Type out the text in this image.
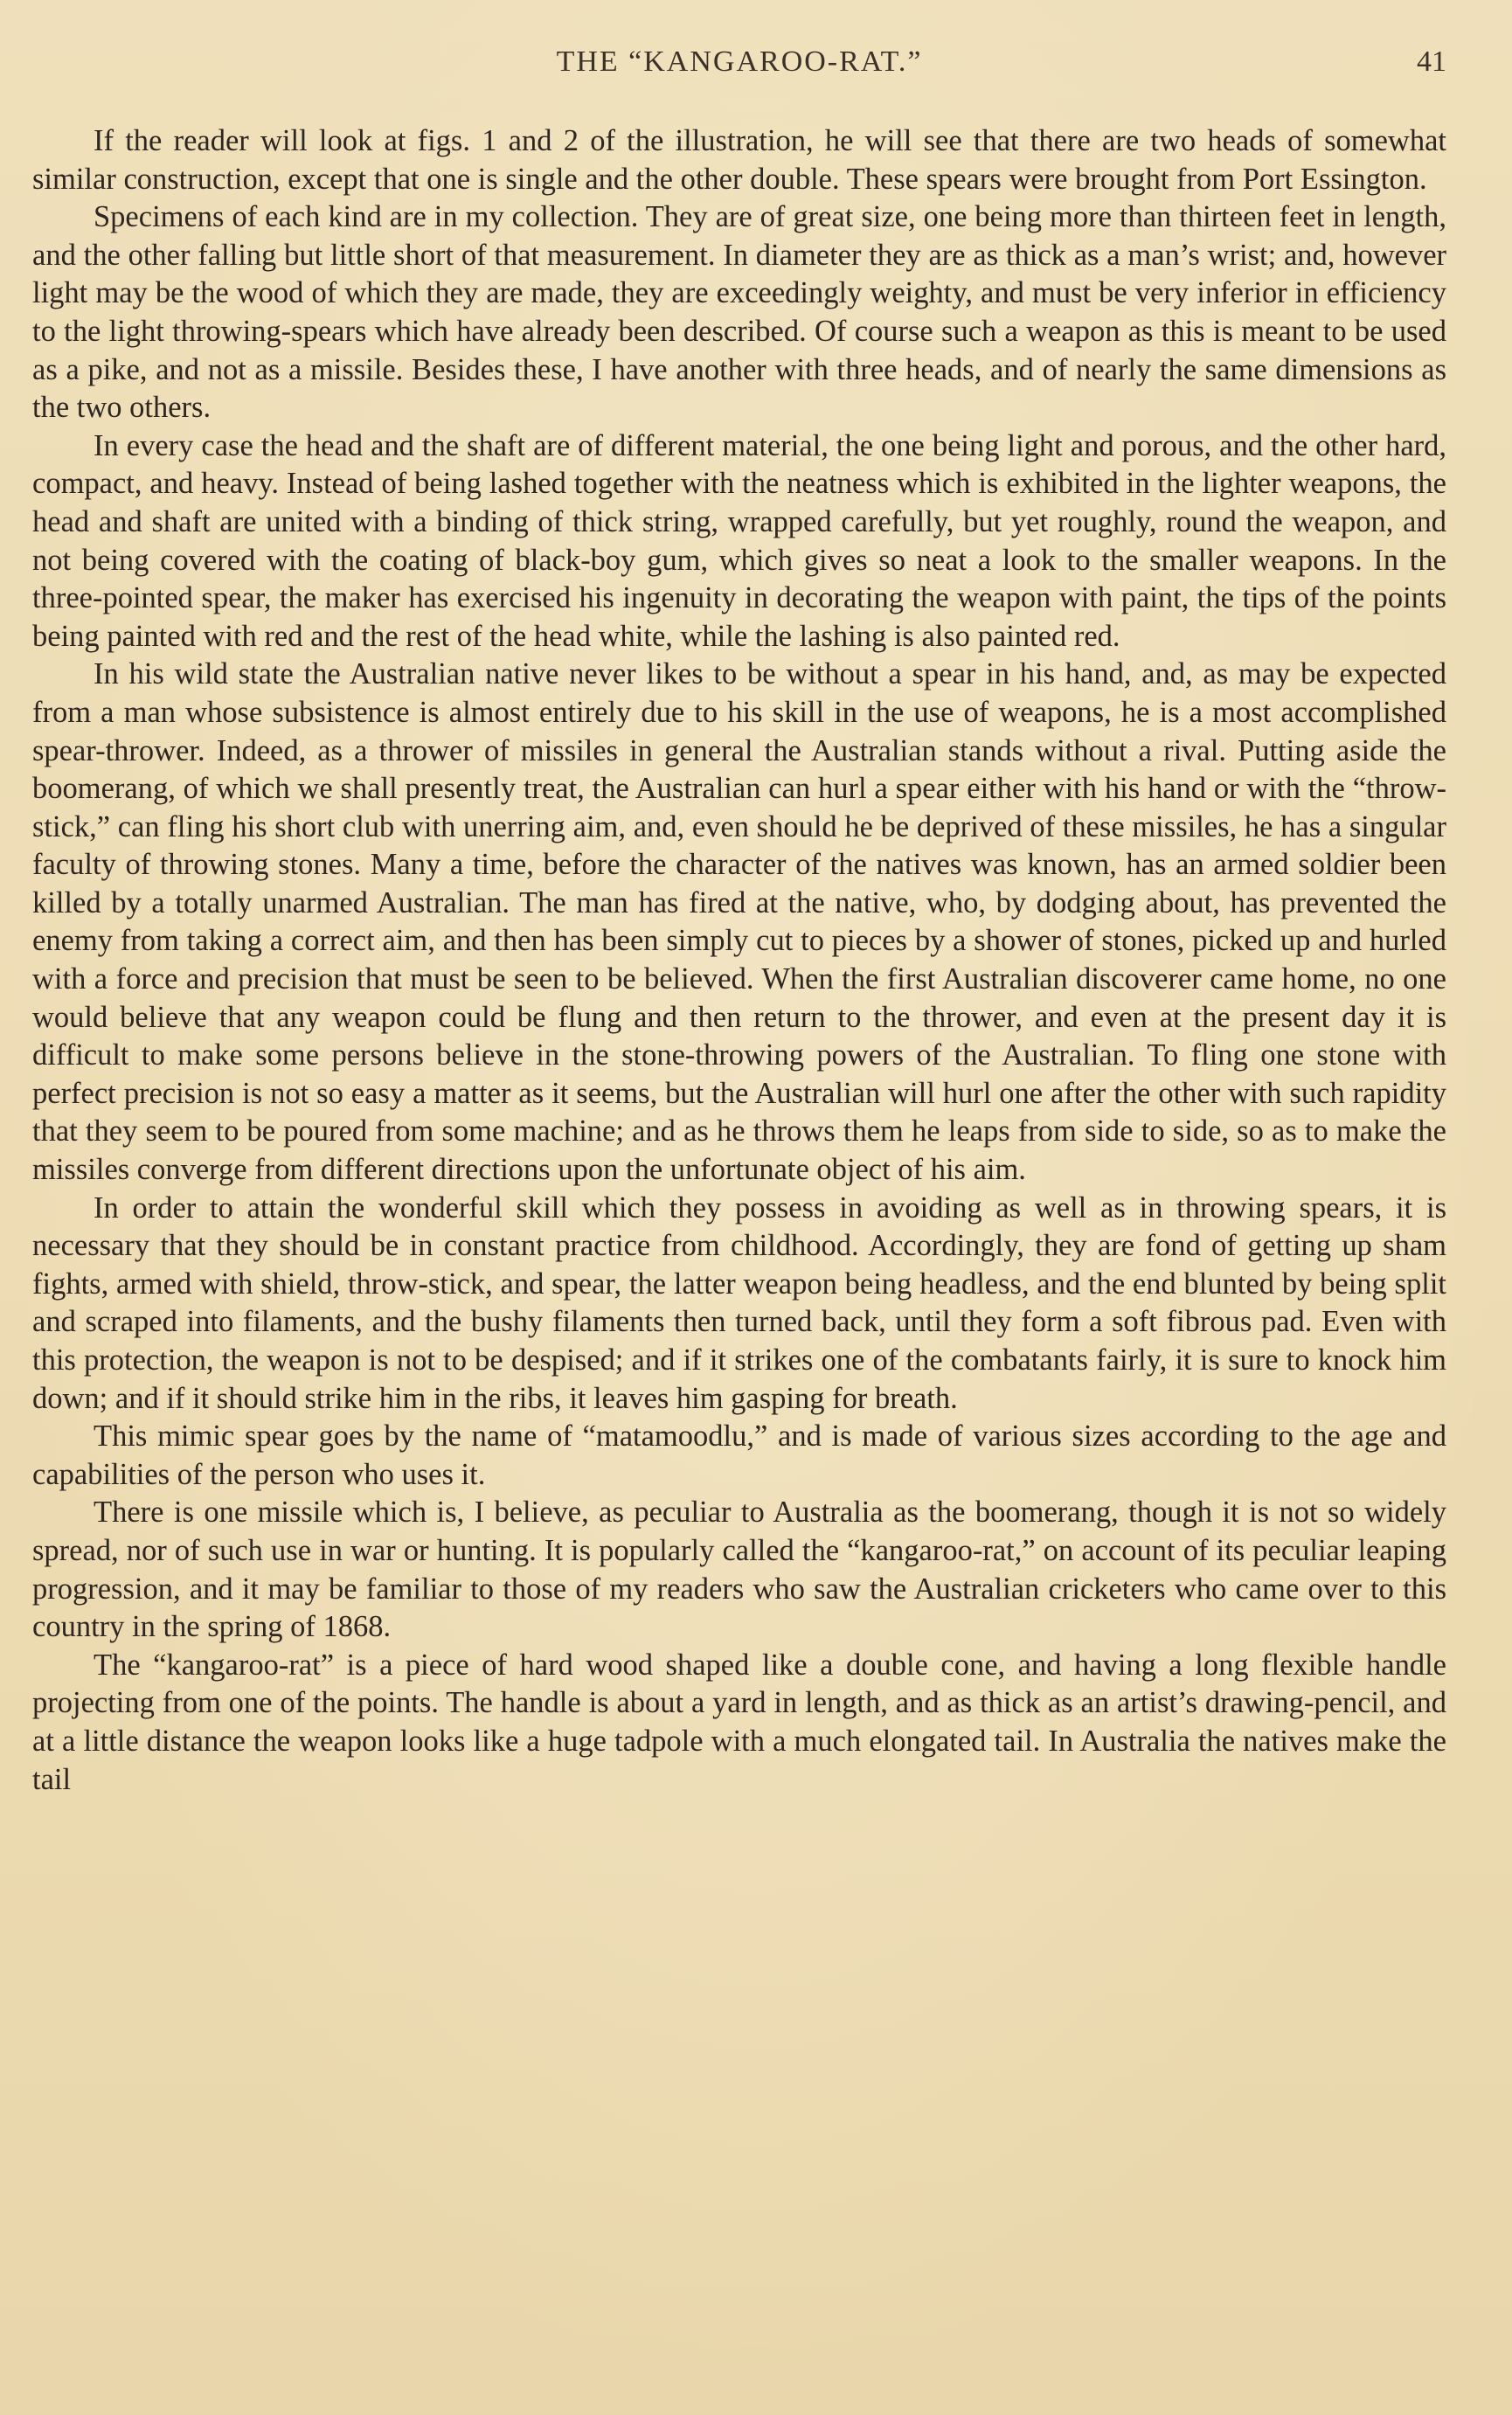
THE “KANGAROO-RAT.”	41

If the reader will look at figs. 1 and 2 of the illustration, he will see that there are two heads of somewhat similar construction, except that one is single and the other double. These spears were brought from Port Essington.

Specimens of each kind are in my collection. They are of great size, one being more than thirteen feet in length, and the other falling but little short of that measurement. In diameter they are as thick as a man’s wrist; and, however light may be the wood of which they are made, they are exceedingly weighty, and must be very inferior in efficiency to the light throwing-spears which have already been described. Of course such a weapon as this is meant to be used as a pike, and not as a missile. Besides these, I have another with three heads, and of nearly the same dimensions as the two others.

In every case the head and the shaft are of different material, the one being light and porous, and the other hard, compact, and heavy. Instead of being lashed together with the neatness which is exhibited in the lighter weapons, the head and shaft are united with a binding of thick string, wrapped carefully, but yet roughly, round the weapon, and not being covered with the coating of black-boy gum, which gives so neat a look to the smaller weapons. In the three-pointed spear, the maker has exercised his ingenuity in decorating the weapon with paint, the tips of the points being painted with red and the rest of the head white, while the lashing is also painted red.

In his wild state the Australian native never likes to be without a spear in his hand, and, as may be expected from a man whose subsistence is almost entirely due to his skill in the use of weapons, he is a most accomplished spear-thrower. Indeed, as a thrower of missiles in general the Australian stands without a rival. Putting aside the boomerang, of which we shall presently treat, the Australian can hurl a spear either with his hand or with the “throw-stick,” can fling his short club with unerring aim, and, even should he be deprived of these missiles, he has a singular faculty of throwing stones. Many a time, before the character of the natives was known, has an armed soldier been killed by a totally unarmed Australian. The man has fired at the native, who, by dodging about, has prevented the enemy from taking a correct aim, and then has been simply cut to pieces by a shower of stones, picked up and hurled with a force and precision that must be seen to be believed. When the first Australian discoverer came home, no one would believe that any weapon could be flung and then return to the thrower, and even at the present day it is difficult to make some persons believe in the stone-throwing powers of the Australian. To fling one stone with perfect precision is not so easy a matter as it seems, but the Australian will hurl one after the other with such rapidity that they seem to be poured from some machine; and as he throws them he leaps from side to side, so as to make the missiles converge from different directions upon the unfortunate object of his aim.

In order to attain the wonderful skill which they possess in avoiding as well as in throwing spears, it is necessary that they should be in constant practice from childhood. Accordingly, they are fond of getting up sham fights, armed with shield, throw-stick, and spear, the latter weapon being headless, and the end blunted by being split and scraped into filaments, and the bushy filaments then turned back, until they form a soft fibrous pad. Even with this protection, the weapon is not to be despised; and if it strikes one of the combatants fairly, it is sure to knock him down; and if it should strike him in the ribs, it leaves him gasping for breath.

This mimic spear goes by the name of “matamoodlu,” and is made of various sizes according to the age and capabilities of the person who uses it.

There is one missile which is, I believe, as peculiar to Australia as the boomerang, though it is not so widely spread, nor of such use in war or hunting. It is popularly called the “kangaroo-rat,” on account of its peculiar leaping progression, and it may be familiar to those of my readers who saw the Australian cricketers who came over to this country in the spring of 1868.

The “kangaroo-rat” is a piece of hard wood shaped like a double cone, and having a long flexible handle projecting from one of the points. The handle is about a yard in length, and as thick as an artist’s drawing-pencil, and at a little distance the weapon looks like a huge tadpole with a much elongated tail. In Australia the natives make the tail
